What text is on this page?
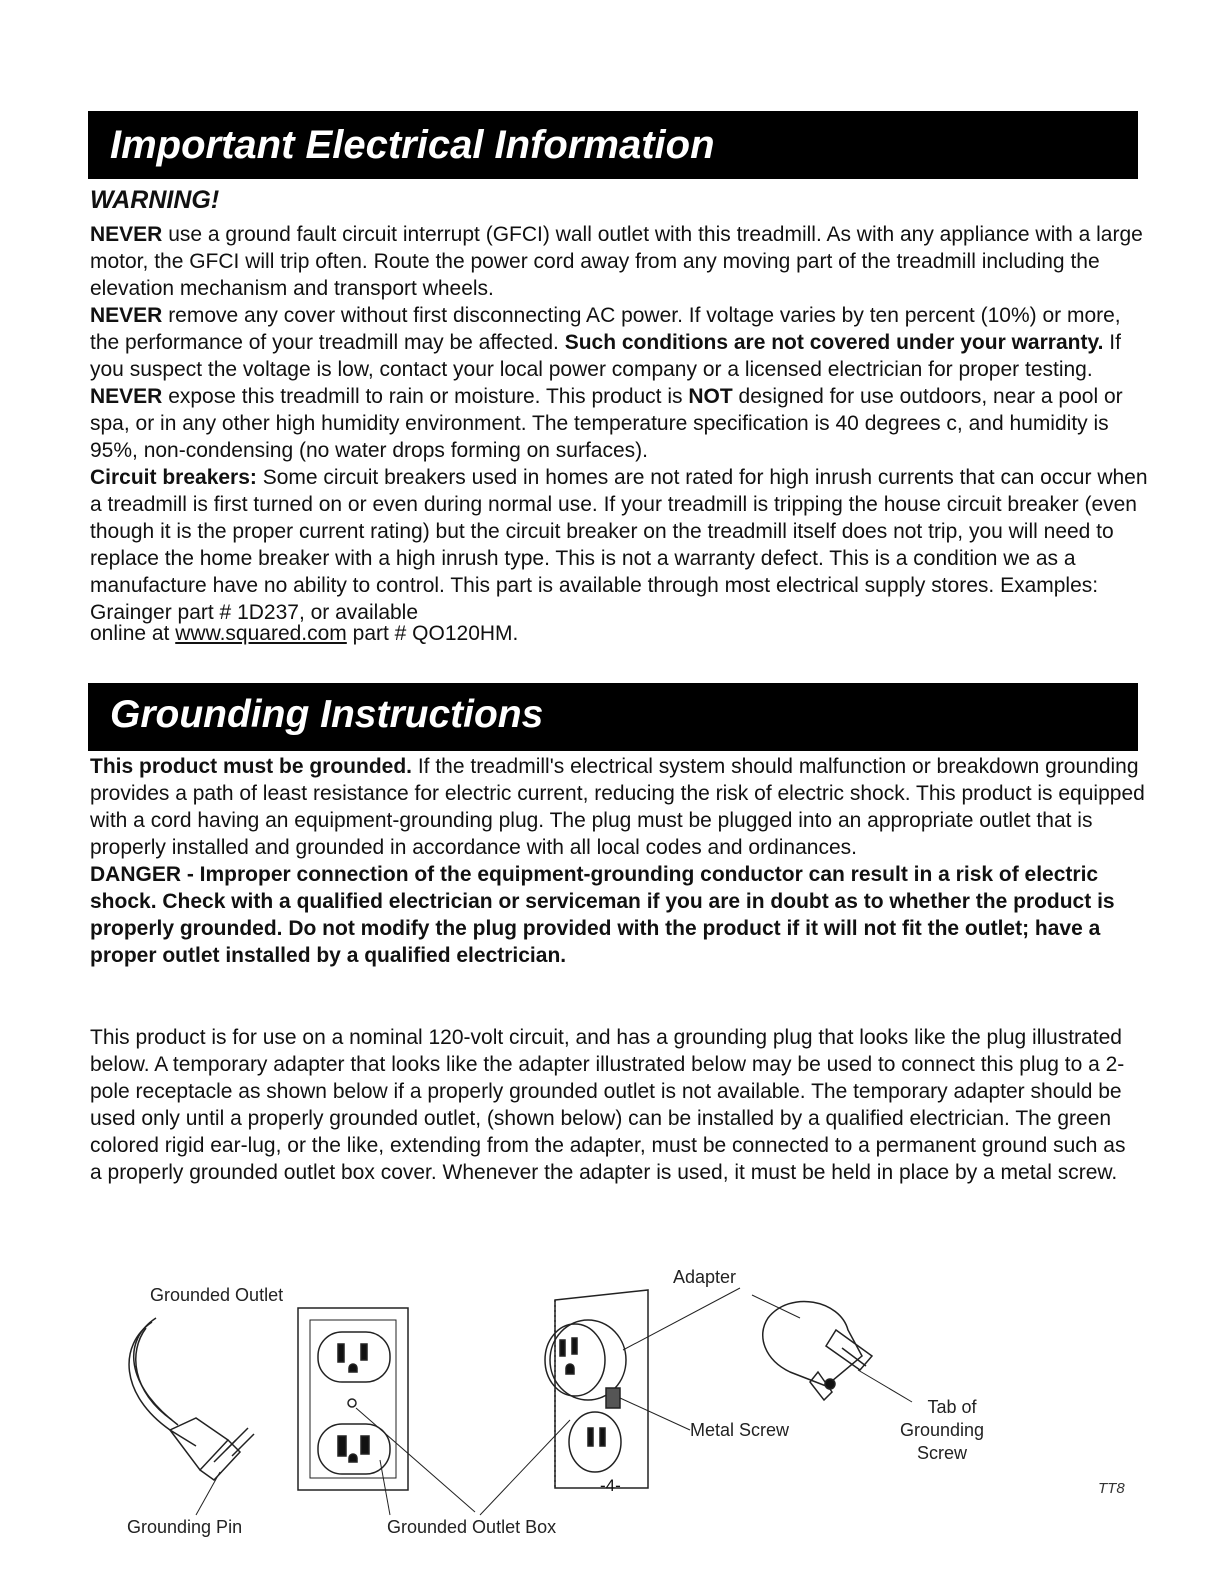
Important Electrical Information
WARNING!

NEVER use a ground fault circuit interrupt (GFCI) wall outlet with this treadmill. As with any appliance with a large motor, the GFCI will trip often. Route the power cord away from any moving part of the treadmill including the elevation mechanism and transport wheels.

NEVER remove any cover without first disconnecting AC power. If voltage varies by ten percent (10%) or more, the performance of your treadmill may be affected. Such conditions are not covered under your warranty. If you suspect the voltage is low, contact your local power company or a licensed electrician for proper testing.

NEVER expose this treadmill to rain or moisture. This product is NOT designed for use outdoors, near a pool or spa, or in any other high humidity environment. The temperature specification is 40 degrees c, and humidity is 95%, non-condensing (no water drops forming on surfaces).

Circuit breakers: Some circuit breakers used in homes are not rated for high inrush currents that can occur when a treadmill is first turned on or even during normal use. If your treadmill is tripping the house circuit breaker (even though it is the proper current rating) but the circuit breaker on the treadmill itself does not trip, you will need to replace the home breaker with a high inrush type. This is not a warranty defect. This is a condition we as a manufacture have no ability to control. This part is available through most electrical supply stores. Examples: Grainger part # 1D237, or available

online at www.squared.com part # QO120HM.
Grounding Instructions

This product must be grounded. If the treadmill's electrical system should malfunction or breakdown grounding provides a path of least resistance for electric current, reducing the risk of electric shock. This product is equipped with a cord having an equipment-grounding plug. The plug must be plugged into an appropriate outlet that is properly installed and grounded in accordance with all local codes and ordinances.

DANGER - Improper connection of the equipment-grounding conductor can result in a risk of electric shock. Check with a qualified electrician or serviceman if you are in doubt as to whether the product is properly grounded. Do not modify the plug provided with the product if it will not fit the outlet; have a proper outlet installed by a qualified electrician.

This product is for use on a nominal 120-volt circuit, and has a grounding plug that looks like the plug illustrated below. A temporary adapter that looks like the adapter illustrated below may be used to connect this plug to a 2-pole receptacle as shown below if a properly grounded outlet is not available. The temporary adapter should be used only until a properly grounded outlet, (shown below) can be installed by a qualified electrician. The green colored rigid ear-lug, or the like, extending from the adapter, must be connected to a permanent ground such as a properly grounded outlet box cover. Whenever the adapter is used, it must be held in place by a metal screw.

Grounded Outlet
Grounding Pin	Grounded Outlet Box
Adapter
Metal Screw
Tab of
Grounding
Screw
-4-	TT8
